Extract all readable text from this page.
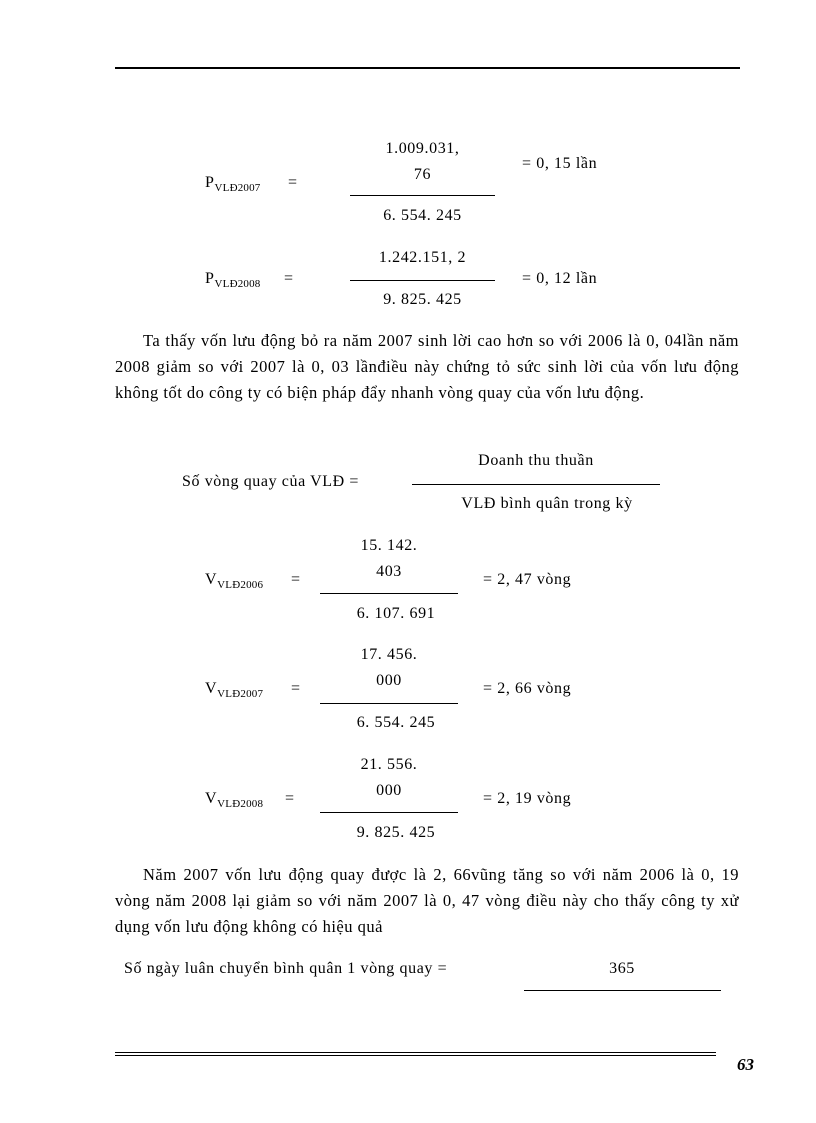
1.009.031,
76
$P_{VLĐ2007}$ =
6. 554. 245
= 0, 15 lần
1.242.151, 2
$P_{VLĐ2008}$ =
9. 825. 425
= 0, 12 lần
Ta thấy vốn lưu động bỏ ra năm 2007 sinh lời cao hơn so với 2006 là 0, 04lần năm 2008 giảm so với 2007 là 0, 03 lầnđiều này chứng tỏ sức sinh lời của vốn lưu động không tốt do công ty có biện pháp đẩy nhanh vòng quay của vốn lưu động.
Số vòng quay của VLĐ =
Doanh thu thuần
VLĐ bình quân trong kỳ
15. 142.
403
$V_{VLĐ2006}$ =
6. 107. 691
= 2, 47 vòng
17. 456.
000
$V_{VLĐ2007}$ =
6. 554. 245
= 2, 66 vòng
21. 556.
000
$V_{VLĐ2008}$ =
9. 825. 425
= 2, 19 vòng
Năm 2007 vốn lưu động quay được là 2, 66vũng tăng so với năm 2006 là 0, 19 vòng năm 2008 lại giảm so với năm 2007 là 0, 47 vòng điều này cho thấy công ty xử dụng vốn lưu động không có hiệu quả
Số ngày luân chuyển bình quân 1 vòng quay =	365
63
